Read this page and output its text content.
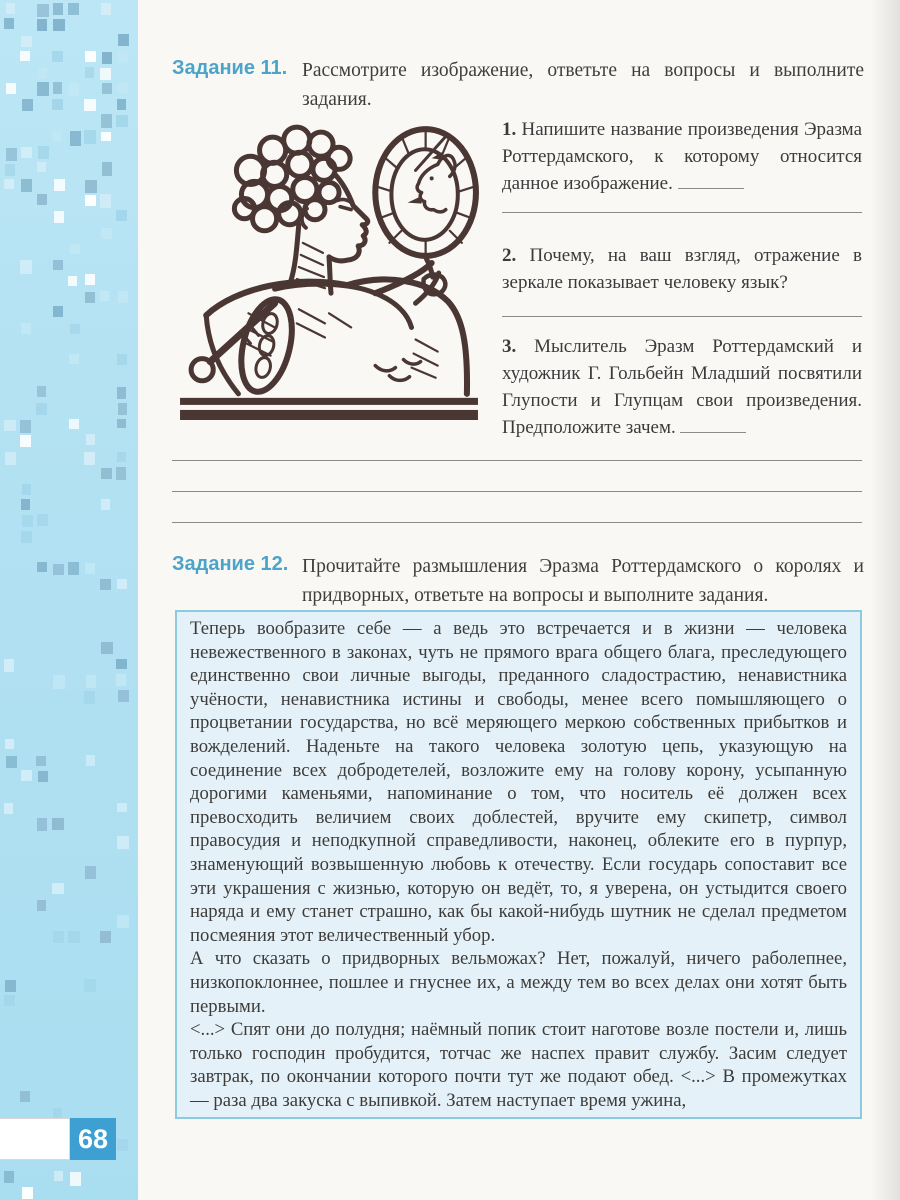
68
Задание 11. Рассмотрите изображение, ответьте на вопросы и выполните задания.

1. Напишите название произведения Эразма Роттердамского, к которому относится данное изображение.

2. Почему, на ваш взгляд, отражение в зеркале показывает человеку язык?

3. Мыслитель Эразм Роттердамский и художник Г. Гольбейн Младший посвятили Глупости и Глупцам свои произведения. Предположите зачем.

Задание 12. Прочитайте размышления Эразма Роттердамского о королях и придворных, ответьте на вопросы и выполните задания.

Теперь вообразите себе — а ведь это встречается и в жизни — человека невежественного в законах, чуть не прямого врага общего блага, преследующего единственно свои личные выгоды, преданного сладострастию, ненавистника учёности, ненавистника истины и свободы, менее всего помышляющего о процветании государства, но всё меряющего меркою собственных прибытков и вожделений. Наденьте на такого человека золотую цепь, указующую на соединение всех добродетелей, возложите ему на голову корону, усыпанную дорогими каменьями, напоминание о том, что носитель её должен всех превосходить величием своих доблестей, вручите ему скипетр, символ правосудия и неподкупной справедливости, наконец, облеките его в пурпур, знаменующий возвышенную любовь к отечеству. Если государь сопоставит все эти украшения с жизнью, которую он ведёт, то, я уверена, он устыдится своего наряда и ему станет страшно, как бы какой-нибудь шутник не сделал предметом посмеяния этот величественный убор.

А что сказать о придворных вельможах? Нет, пожалуй, ничего раболепнее, низкопоклоннее, пошлее и гнуснее их, а между тем во всех делах они хотят быть первыми.

<...> Спят они до полудня; наёмный попик стоит наготове возле постели и, лишь только господин пробудится, тотчас же наспех правит службу. Засим следует завтрак, по окончании которого почти тут же подают обед. <...> В промежутках — раза два закуска с выпивкой. Затем наступает время ужина,
